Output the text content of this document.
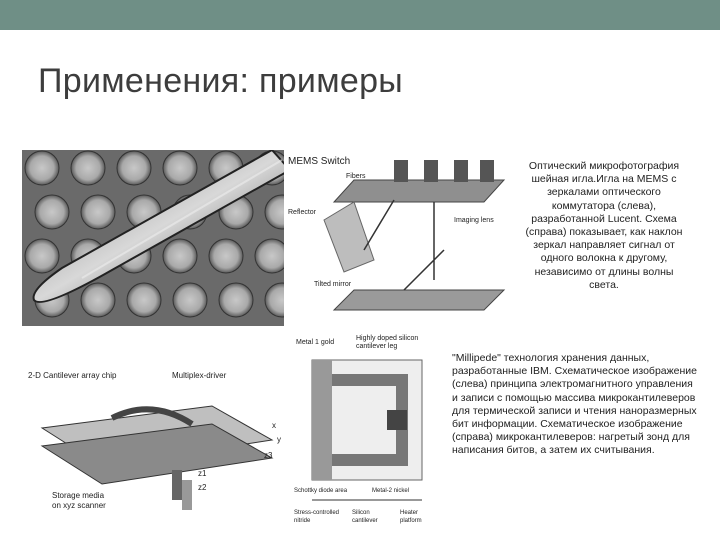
Применения: примеры
MEMS Switch
Fibers
Reflector
Imaging lens
Tilted mirror
Оптический микрофотография шейная игла.Игла на MEMS с зеркалами оптического коммутатора (слева), разработанной Lucent. Схема (справа) показывает, как наклон зеркал направляет сигнал от одного волокна к другому, независимо от длины волны света.
2-D Cantilever array chip	Multiplex-driver
Storage media
on xyz scanner
x
y
z1
z2
z3
Metal 1 gold
Highly doped silicon
cantilever leg
Schottky diode area	Metal-2 nickel
Stress-controlled
nitride
Silicon
cantilever
Heater
platform
"Millipede" технология хранения данных, разработанные IBM. Схематическое изображение (слева) принципа электромагнитного управления и записи с помощью массива микрокантилеверов для термической записи и чтения наноразмерных бит информации. Схематическое изображение (справа) микрокантилеверов: нагретый зонд для написания битов, а затем их считывания.
